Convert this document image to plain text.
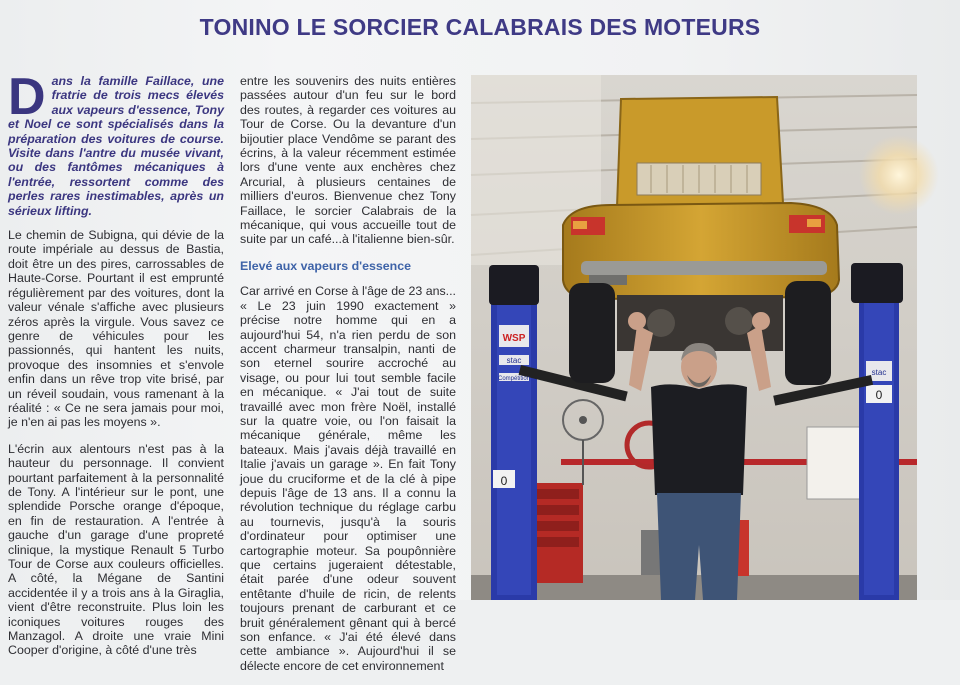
TONINO LE SORCIER CALABRAIS DES MOTEURS
Dans la famille Faillace, une fratrie de trois mecs élevés aux vapeurs d'essence, Tony et Noel ce sont spécialisés dans la préparation des voitures de course. Visite dans l'antre du musée vivant, ou des fantômes mécaniques à l'entrée, ressortent comme des perles rares inestimables, après un sérieux lifting.

Le chemin de Subigna, qui dévie de la route impériale au dessus de Bastia, doit être un des pires, carrossables de Haute-Corse. Pourtant il est emprunté régulièrement par des voitures, dont la valeur vénale s'affiche avec plusieurs zéros après la virgule. Vous savez ce genre de véhicules pour les passionnés, qui hantent les nuits, provoque des insomnies et s'envole enfin dans un rêve trop vite brisé, par un réveil soudain, vous ramenant à la réalité : « Ce ne sera jamais pour moi, je n'en ai pas les moyens ».

L'écrin aux alentours n'est pas à la hauteur du personnage. Il convient pourtant parfaitement à la personnalité de Tony. A l'intérieur sur le pont, une splendide Porsche orange d'époque, en fin de restauration. A l'entrée à gauche d'un garage d'une propreté clinique, la mystique Renault 5 Turbo Tour de Corse aux couleurs officielles. A côté, la Mégane de Santini accidentée il y a trois ans à la Giraglia, vient d'être reconstruite. Plus loin les iconiques voitures rouges des Manzagol. A droite une vraie Mini Cooper d'origine, à côté d'une très

entre les souvenirs des nuits entières passées autour d'un feu sur le bord des routes, à regarder ces voitures au Tour de Corse. Ou la devanture d'un bijoutier place Vendôme se parant des écrins, à la valeur récemment estimée lors d'une vente aux enchères chez Arcurial, à plusieurs centaines de milliers d'euros. Bienvenue chez Tony Faillace, le sorcier Calabrais de la mécanique, qui vous accueille tout de suite par un café...à l'italienne bien-sûr.

Elevé aux vapeurs d'essence

Car arrivé en Corse à l'âge de 23 ans... « Le 23 juin 1990 exactement » précise notre homme qui en a aujourd'hui 54, n'a rien perdu de son accent charmeur transalpin, nanti de son eternel sourire accroché au visage, ou pour lui tout semble facile en mécanique. « J'ai tout de suite travaillé avec mon frère Noël, installé sur la quatre voie, ou l'on faisait la mécanique générale, même les bateaux. Mais j'avais déjà travaillé en Italie j'avais un garage ». En fait Tony joue du cruciforme et de la clé à pipe depuis l'âge de 13 ans. Il a connu la révolution technique du réglage carbu au tournevis, jusqu'à la souris d'ordinateur pour optimiser une cartographie moteur. Sa poupônnière que certains jugeraient détestable, était parée d'une odeur souvent entêtante d'huile de ricin, de relents toujours prenant de carburant et ce bruit généralement gênant qui à bercé son enfance. « J'ai été élevé dans cette ambiance ». Aujourd'hui il se délecte encore de cet environnement

WSP
stac
Compétition
0
stac
0
